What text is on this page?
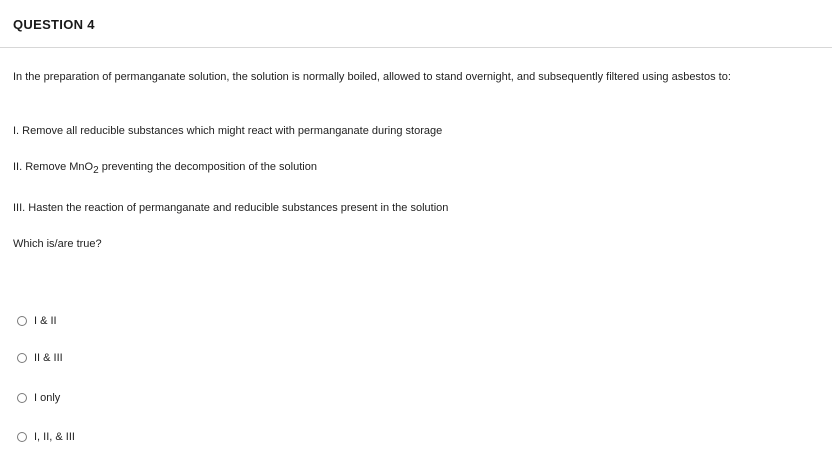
QUESTION 4
In the preparation of permanganate solution, the solution is normally boiled, allowed to stand overnight, and subsequently filtered using asbestos to:
I. Remove all reducible substances which might react with permanganate during storage
II. Remove MnO$_2$ preventing the decomposition of the solution
III. Hasten the reaction of permanganate and reducible substances present in the solution
Which is/are true?
I & II
II & III
I only
I, II, & III
